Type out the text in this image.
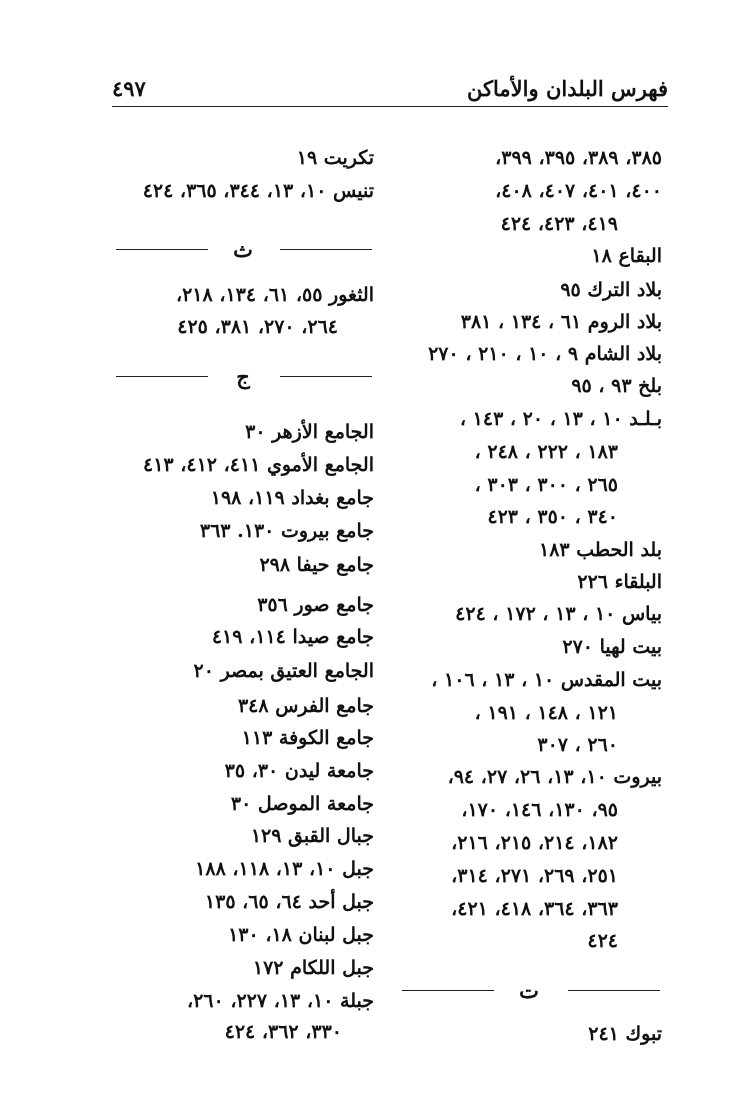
فهرس البلدان والأماكن
٤٩٧
٣٨٥، ٣٨٩، ٣٩٥، ٣٩٩،
٤٠٠، ٤٠١، ٤٠٧، ٤٠٨،
٤١٩، ٤٢٣، ٤٢٤
البقاع ١٨
بلاد الترك ٩٥
بلاد الروم ٦١ ، ١٣٤ ، ٣٨١
بلاد الشام ٩ ، ١٠ ، ٢١٠ ، ٢٧٠
بلخ ٩٣ ، ٩٥
بـلـد ١٠ ، ١٣ ، ٢٠ ، ١٤٣ ،
١٨٣ ، ٢٢٢ ، ٢٤٨ ،
٢٦٥ ، ٣٠٠ ، ٣٠٣ ،
٣٤٠ ، ٣٥٠ ، ٤٢٣
بلد الحطب ١٨٣
البلقاء ٢٢٦
بياس ١٠ ، ١٣ ، ١٧٢ ، ٤٢٤
بيت لهيا ٢٧٠
بيت المقدس ١٠ ، ١٣ ، ١٠٦ ،
١٢١ ، ١٤٨ ، ١٩١ ،
٢٦٠ ، ٣٠٧
بيروت ١٠، ١٣، ٢٦، ٢٧، ٩٤،
٩٥، ١٣٠، ١٤٦، ١٧٠،
١٨٢، ٢١٤، ٢١٥، ٢١٦،
٢٥١، ٢٦٩، ٢٧١، ٣١٤،
٣٦٣، ٣٦٤، ٤١٨، ٤٢١،
٤٢٤
ت
تبوك ٢٤١
تكريت ١٩
تنيس ١٠، ١٣، ٣٤٤، ٣٦٥، ٤٢٤
ث
الثغور ٥٥، ٦١، ١٣٤، ٢١٨،
٢٦٤، ٢٧٠، ٣٨١، ٤٢٥
ج
الجامع الأزهر ٣٠
الجامع الأموي ٤١١، ٤١٢، ٤١٣
جامع بغداد ١١٩، ١٩٨
جامع بيروت ١٣٠. ٣٦٣
جامع حيفا ٢٩٨
جامع صور ٣٥٦
جامع صيدا ١١٤، ٤١٩
الجامع العتيق بمصر ٢٠
جامع الفرس ٣٤٨
جامع الكوفة ١١٣
جامعة ليدن ٣٠، ٣٥
جامعة الموصل ٣٠
جبال القبق ١٢٩
جبل ١٠، ١٣، ١١٨، ١٨٨
جبل أحد ٦٤، ٦٥، ١٣٥
جبل لبنان ١٨، ١٣٠
جبل اللكام ١٧٢
جبلة ١٠، ١٣، ٢٢٧، ٢٦٠،
٣٣٠، ٣٦٢، ٤٢٤
